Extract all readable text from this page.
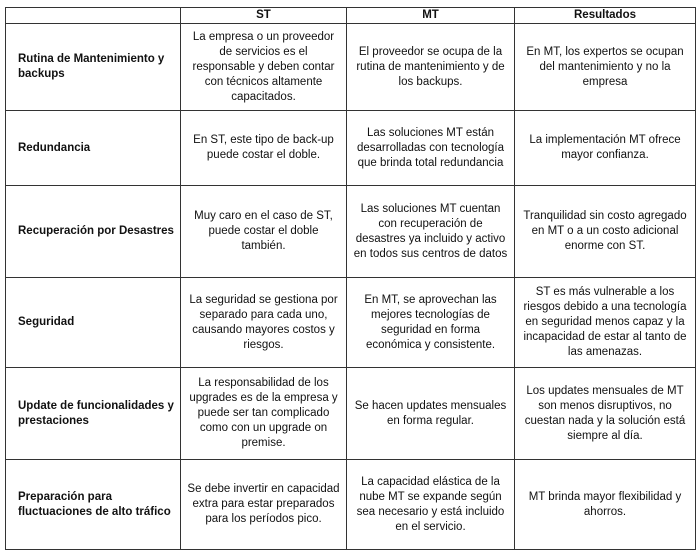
	ST	MT	Resultados
Rutina de Mantenimiento y backups	La empresa o un proveedor de servicios es el responsable y deben contar con técnicos altamente capacitados.	El proveedor se ocupa de la rutina de mantenimiento y de los backups.	En MT, los expertos se ocupan del mantenimiento y no la empresa
Redundancia	En ST, este tipo de back-up puede costar el doble.	Las soluciones MT están desarrolladas con tecnología que brinda total redundancia	La implementación MT ofrece mayor confianza.
Recuperación por Desastres	Muy caro en el caso de ST, puede costar el doble también.	Las soluciones MT cuentan con recuperación de desastres ya incluido y activo en todos sus centros de datos	Tranquilidad sin costo agregado en MT o a un costo adicional enorme con ST.
Seguridad	La seguridad se gestiona por separado para cada uno, causando mayores costos y riesgos.	En MT, se aprovechan las mejores tecnologías de seguridad en forma económica y consistente.	ST es más vulnerable a los riesgos debido a una tecnología en seguridad menos capaz y la incapacidad de estar al tanto de las amenazas.
Update de funcionalidades y prestaciones	La responsabilidad de los upgrades es de la empresa y puede ser tan complicado como con un upgrade on premise.	Se hacen updates mensuales en forma regular.	Los updates mensuales de MT son menos disruptivos, no cuestan nada y la solución está siempre al día.
Preparación para fluctuaciones de alto tráfico	Se debe invertir en capacidad extra para estar preparados para los períodos pico.	La capacidad elástica de la nube MT se expande según sea necesario y está incluido en el servicio.	MT brinda mayor flexibilidad y ahorros.
